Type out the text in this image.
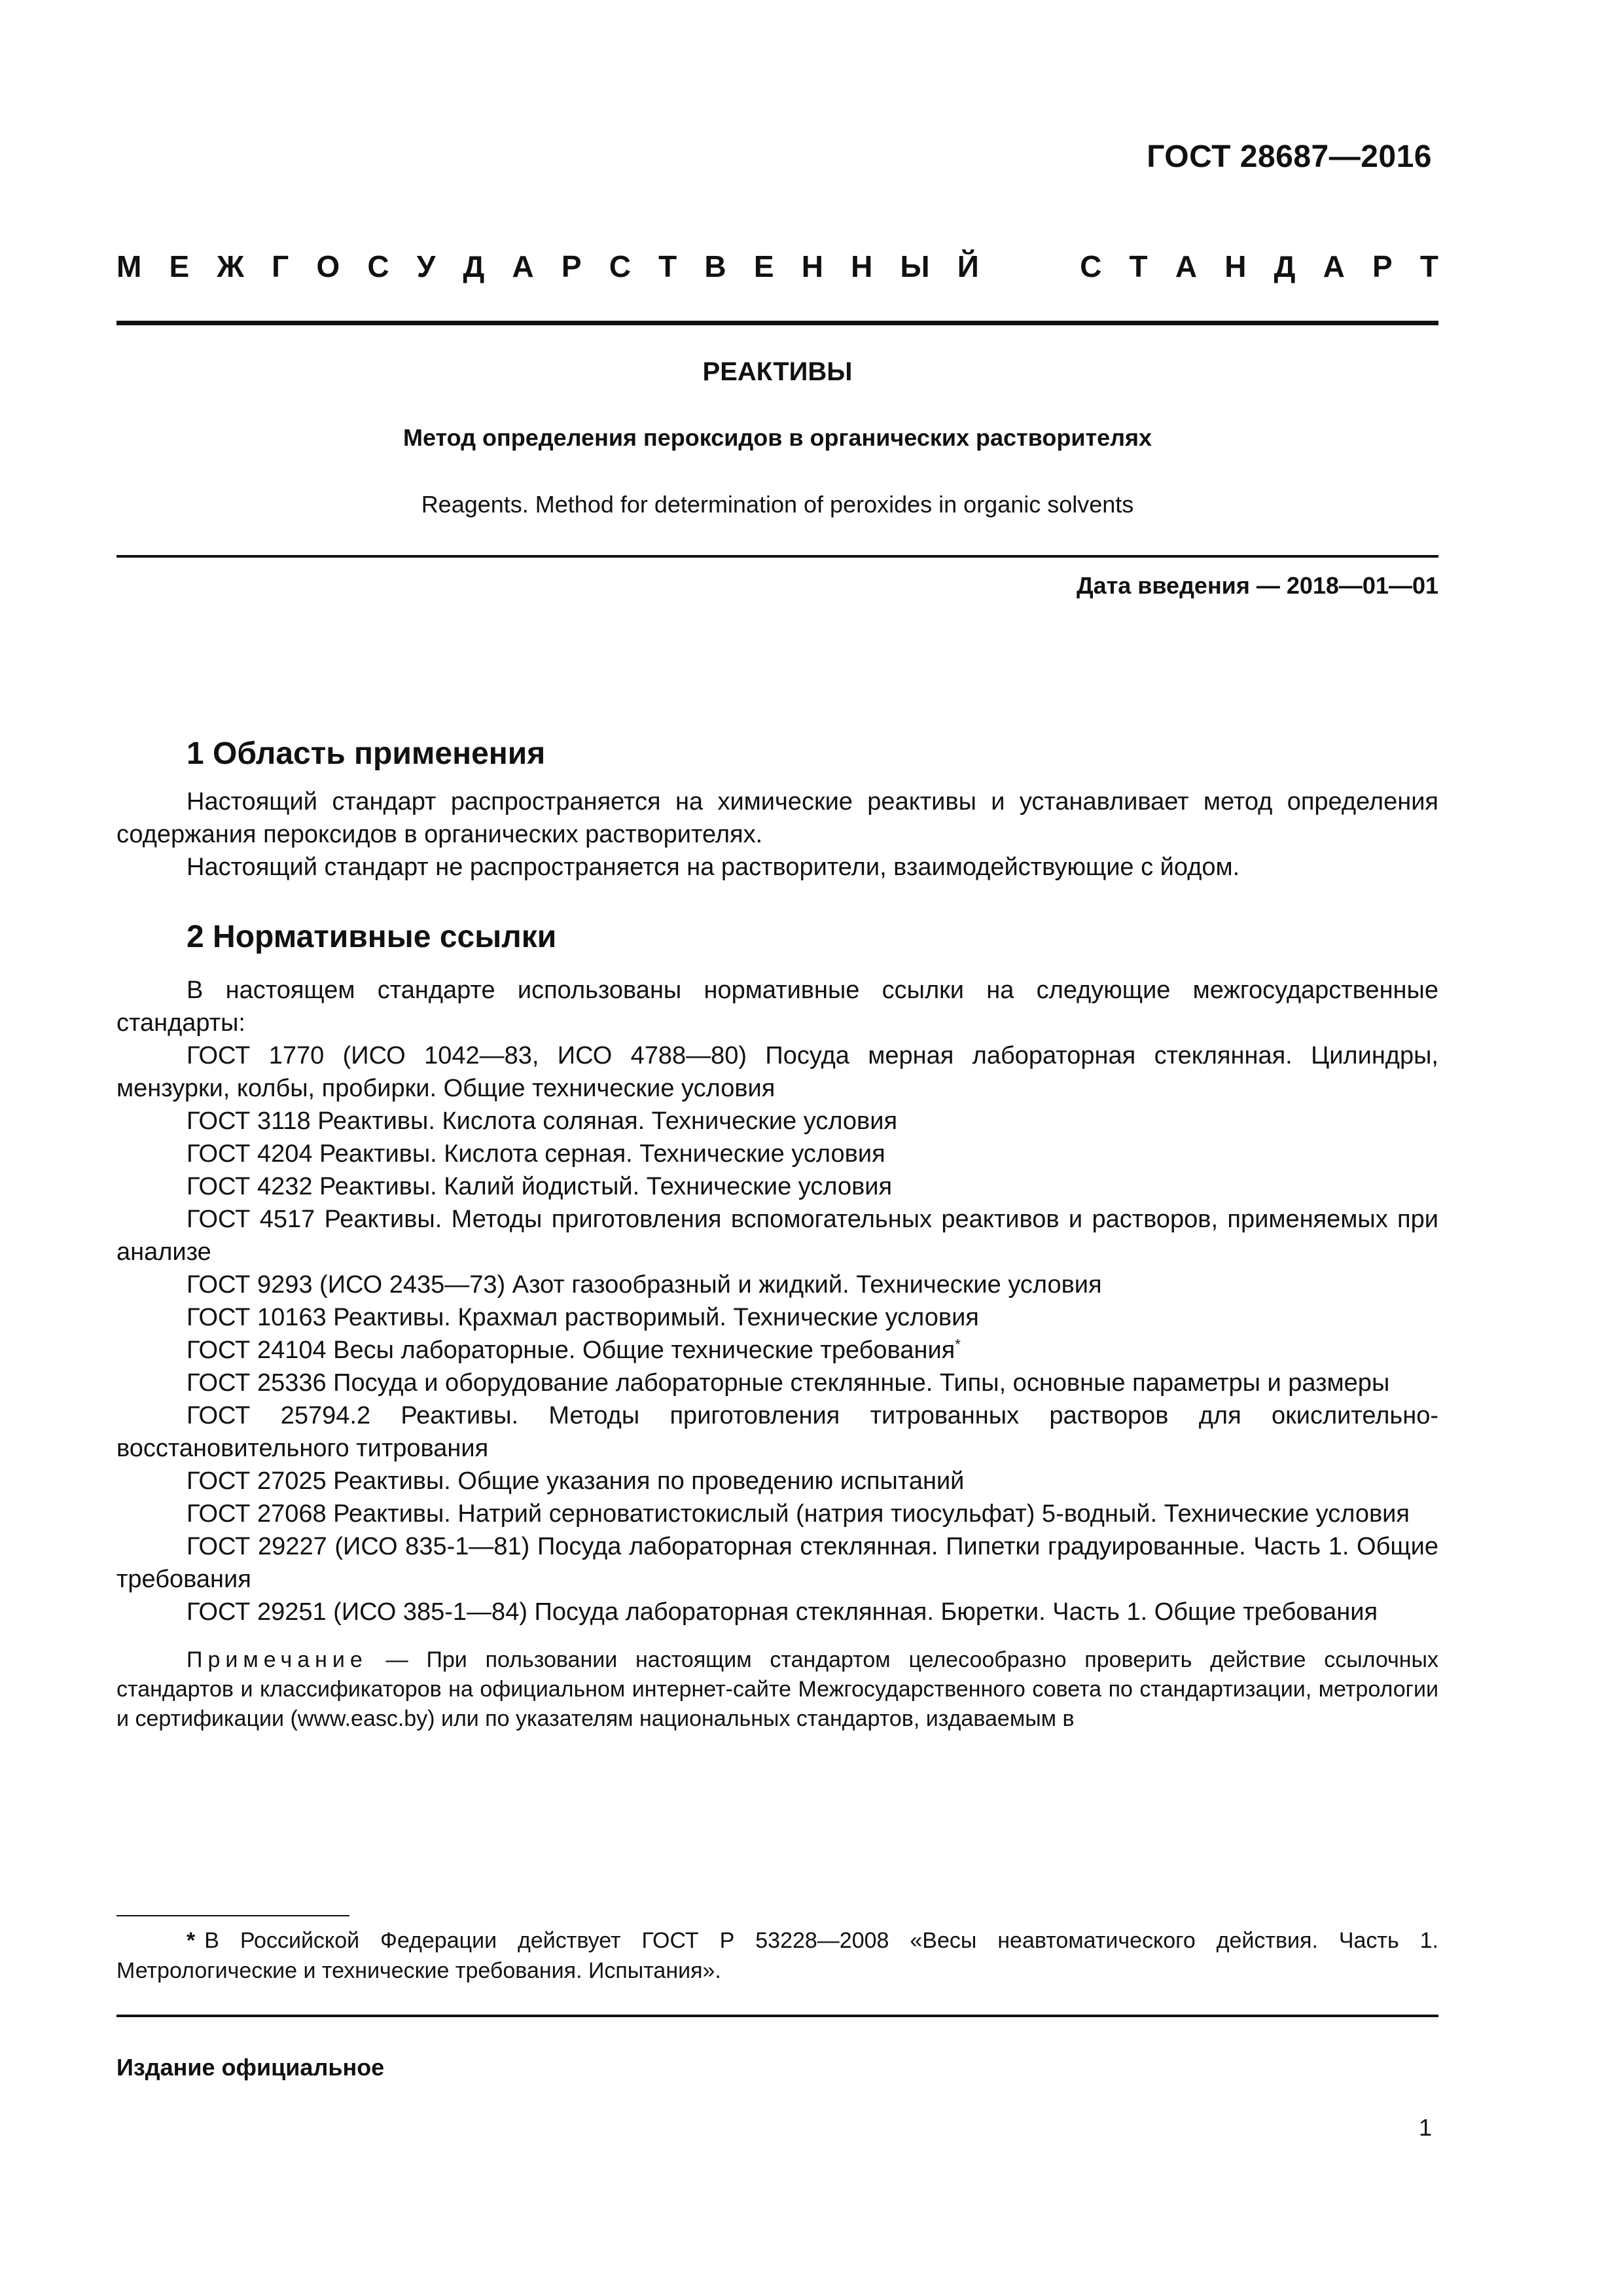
ГОСТ 28687—2016
М Е Ж Г О С У Д А Р С Т В Е Н Н Ы Й	С Т А Н Д А Р Т
РЕАКТИВЫ
Метод определения пероксидов в органических растворителях
Reagents. Method for determination of peroxides in organic solvents
Дата введения — 2018—01—01
1 Область применения

Настоящий стандарт распространяется на химические реактивы и устанавливает метод определения содержания пероксидов в органических растворителях.

Настоящий стандарт не распространяется на растворители, взаимодействующие с йодом.

2 Нормативные ссылки

В настоящем стандарте использованы нормативные ссылки на следующие межгосударственные стандарты:

ГОСТ 1770 (ИСО 1042—83, ИСО 4788—80) Посуда мерная лабораторная стеклянная. Цилиндры, мензурки, колбы, пробирки. Общие технические условия

ГОСТ 3118 Реактивы. Кислота соляная. Технические условия

ГОСТ 4204 Реактивы. Кислота серная. Технические условия

ГОСТ 4232 Реактивы. Калий йодистый. Технические условия

ГОСТ 4517 Реактивы. Методы приготовления вспомогательных реактивов и растворов, применяемых при анализе

ГОСТ 9293 (ИСО 2435—73) Азот газообразный и жидкий. Технические условия

ГОСТ 10163 Реактивы. Крахмал растворимый. Технические условия

ГОСТ 24104 Весы лабораторные. Общие технические требования*

ГОСТ 25336 Посуда и оборудование лабораторные стеклянные. Типы, основные параметры и размеры

ГОСТ 25794.2 Реактивы. Методы приготовления титрованных растворов для окислительно-восстановительного титрования

ГОСТ 27025 Реактивы. Общие указания по проведению испытаний

ГОСТ 27068 Реактивы. Натрий серноватистокислый (натрия тиосульфат) 5-водный. Технические условия

ГОСТ 29227 (ИСО 835-1—81) Посуда лабораторная стеклянная. Пипетки градуированные. Часть 1. Общие требования

ГОСТ 29251 (ИСО 385-1—84) Посуда лабораторная стеклянная. Бюретки. Часть 1. Общие требования

Примечание — При пользовании настоящим стандартом целесообразно проверить действие ссылочных стандартов и классификаторов на официальном интернет-сайте Межгосударственного совета по стандартизации, метрологии и сертификации (www.easc.by) или по указателям национальных стандартов, издаваемым в

* В Российской Федерации действует ГОСТ Р 53228—2008 «Весы неавтоматического действия. Часть 1. Метрологические и технические требования. Испытания».
Издание официальное
1
